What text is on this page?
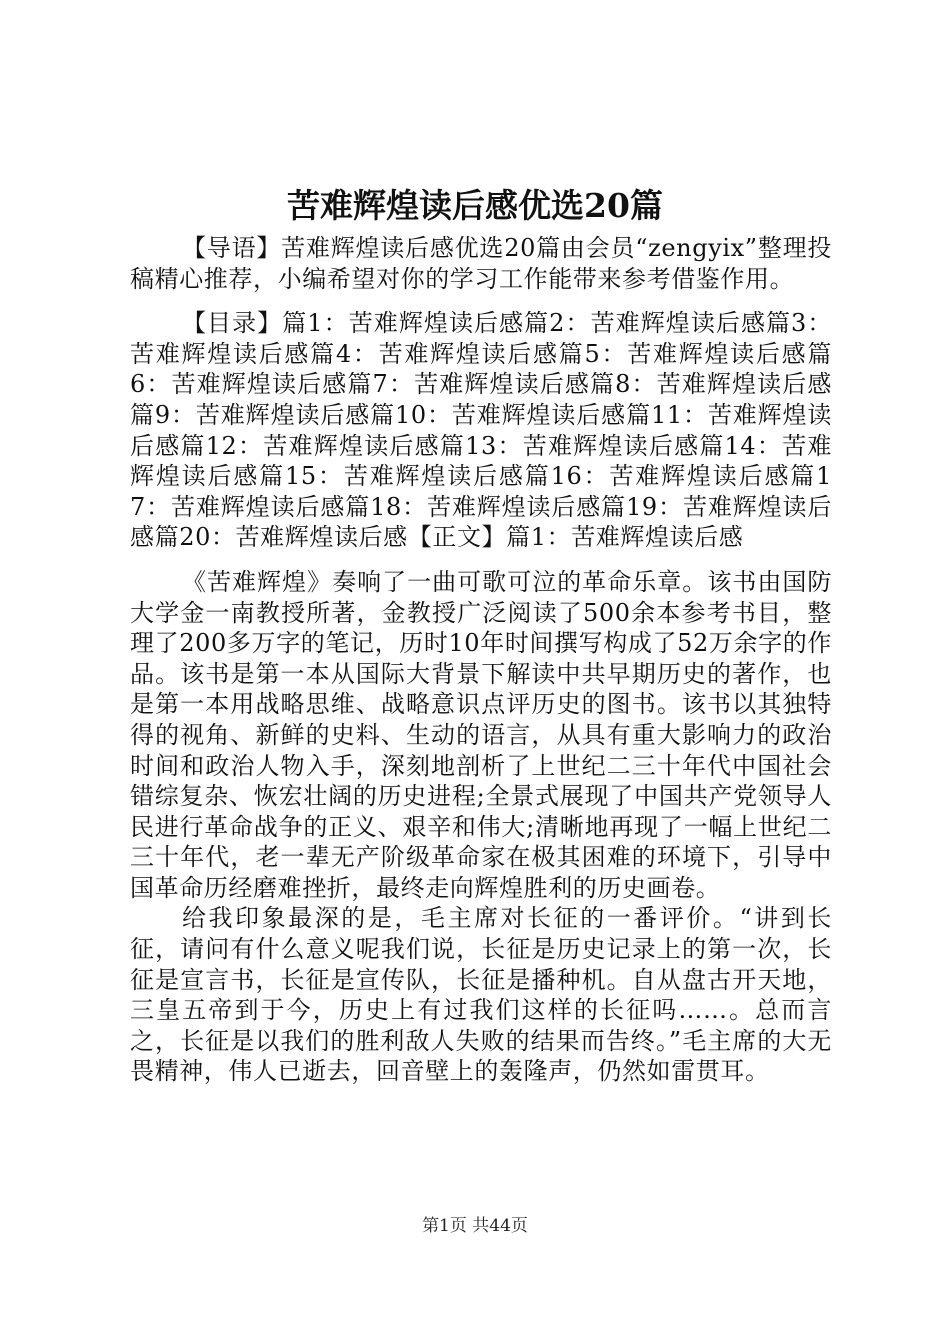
苦难辉煌读后感优选20篇

【导语】苦难辉煌读后感优选20篇由会员“zengyix”整理投稿精心推荐，小编希望对你的学习工作能带来参考借鉴作用。

【目录】篇1：苦难辉煌读后感篇2：苦难辉煌读后感篇3：苦难辉煌读后感篇4：苦难辉煌读后感篇5：苦难辉煌读后感篇6：苦难辉煌读后感篇7：苦难辉煌读后感篇8：苦难辉煌读后感篇9：苦难辉煌读后感篇10：苦难辉煌读后感篇11：苦难辉煌读后感篇12：苦难辉煌读后感篇13：苦难辉煌读后感篇14：苦难辉煌读后感篇15：苦难辉煌读后感篇16：苦难辉煌读后感篇17：苦难辉煌读后感篇18：苦难辉煌读后感篇19：苦难辉煌读后感篇20：苦难辉煌读后感【正文】篇1：苦难辉煌读后感

《苦难辉煌》奏响了一曲可歌可泣的革命乐章。该书由国防大学金一南教授所著，金教授广泛阅读了500余本参考书目，整理了200多万字的笔记，历时10年时间撰写构成了52万余字的作品。该书是第一本从国际大背景下解读中共早期历史的著作，也是第一本用战略思维、战略意识点评历史的图书。该书以其独特得的视角、新鲜的史料、生动的语言，从具有重大影响力的政治时间和政治人物入手，深刻地剖析了上世纪二三十年代中国社会错综复杂、恢宏壮阔的历史进程;全景式展现了中国共产党领导人民进行革命战争的正义、艰辛和伟大;清晰地再现了一幅上世纪二三十年代，老一辈无产阶级革命家在极其困难的环境下，引导中国革命历经磨难挫折，最终走向辉煌胜利的历史画卷。

给我印象最深的是，毛主席对长征的一番评价。“讲到长征，请问有什么意义呢我们说，长征是历史记录上的第一次，长征是宣言书，长征是宣传队，长征是播种机。自从盘古开天地，三皇五帝到于今，历史上有过我们这样的长征吗……。总而言之，长征是以我们的胜利敌人失败的结果而告终。”毛主席的大无畏精神，伟人已逝去，回音壁上的轰隆声，仍然如雷贯耳。

第1页 共44页
